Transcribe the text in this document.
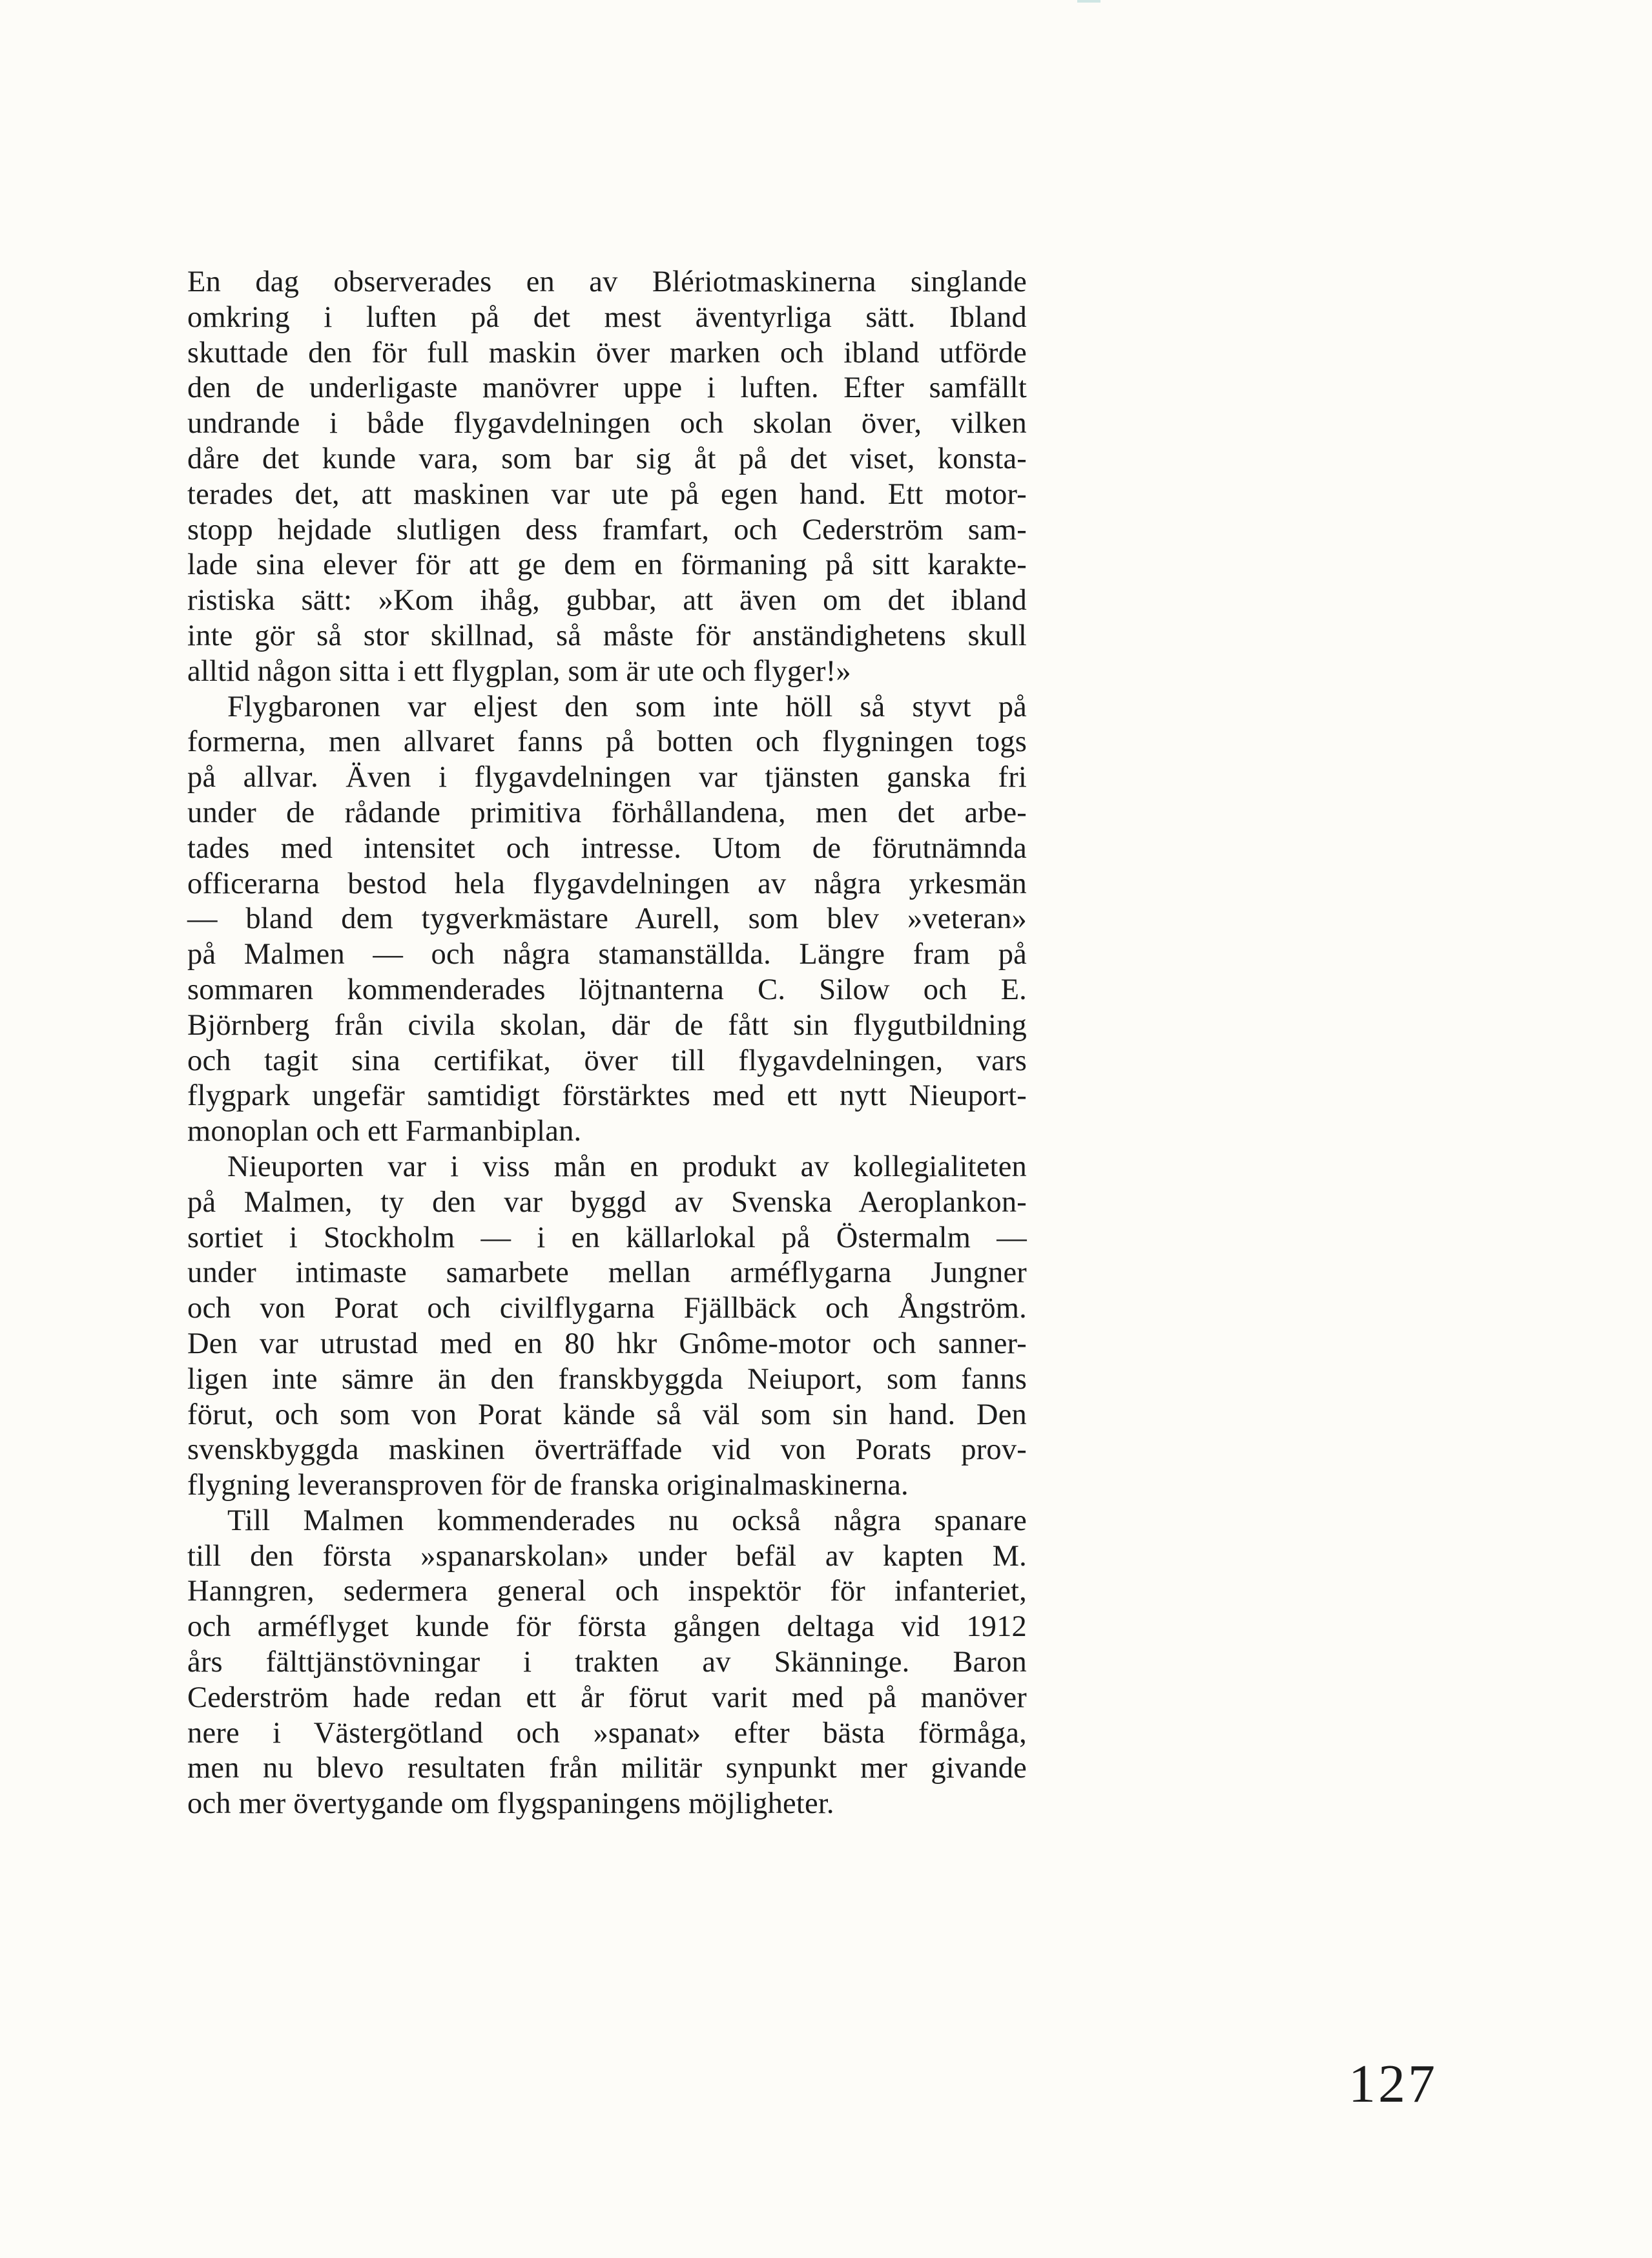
En dag observerades en av Blériotmaskinerna singlande
omkring i luften på det mest äventyrliga sätt. Ibland
skuttade den för full maskin över marken och ibland utförde
den de underligaste manövrer uppe i luften. Efter samfällt
undrande i både flygavdelningen och skolan över, vilken
dåre det kunde vara, som bar sig åt på det viset, konsta-
terades det, att maskinen var ute på egen hand. Ett motor-
stopp hejdade slutligen dess framfart, och Cederström sam-
lade sina elever för att ge dem en förmaning på sitt karakte-
ristiska sätt: »Kom ihåg, gubbar, att även om det ibland
inte gör så stor skillnad, så måste för anständighetens skull
alltid någon sitta i ett flygplan, som är ute och flyger!»
Flygbaronen var eljest den som inte höll så styvt på
formerna, men allvaret fanns på botten och flygningen togs
på allvar. Även i flygavdelningen var tjänsten ganska fri
under de rådande primitiva förhållandena, men det arbe-
tades med intensitet och intresse. Utom de förutnämnda
officerarna bestod hela flygavdelningen av några yrkesmän
— bland dem tygverkmästare Aurell, som blev »veteran»
på Malmen — och några stamanställda. Längre fram på
sommaren kommenderades löjtnanterna C. Silow och E.
Björnberg från civila skolan, där de fått sin flygutbildning
och tagit sina certifikat, över till flygavdelningen, vars
flygpark ungefär samtidigt förstärktes med ett nytt Nieuport-
monoplan och ett Farmanbiplan.
Nieuporten var i viss mån en produkt av kollegialiteten
på Malmen, ty den var byggd av Svenska Aeroplankon-
sortiet i Stockholm — i en källarlokal på Östermalm —
under intimaste samarbete mellan arméflygarna Jungner
och von Porat och civilflygarna Fjällbäck och Ångström.
Den var utrustad med en 80 hkr Gnôme-motor och sanner-
ligen inte sämre än den franskbyggda Neiuport, som fanns
förut, och som von Porat kände så väl som sin hand. Den
svenskbyggda maskinen överträffade vid von Porats prov-
flygning leveransproven för de franska originalmaskinerna.
Till Malmen kommenderades nu också några spanare
till den första »spanarskolan» under befäl av kapten M.
Hanngren, sedermera general och inspektör för infanteriet,
och arméflyget kunde för första gången deltaga vid 1912
års fälttjänstövningar i trakten av Skänninge. Baron
Cederström hade redan ett år förut varit med på manöver
nere i Västergötland och »spanat» efter bästa förmåga,
men nu blevo resultaten från militär synpunkt mer givande
och mer övertygande om flygspaningens möjligheter.
127
